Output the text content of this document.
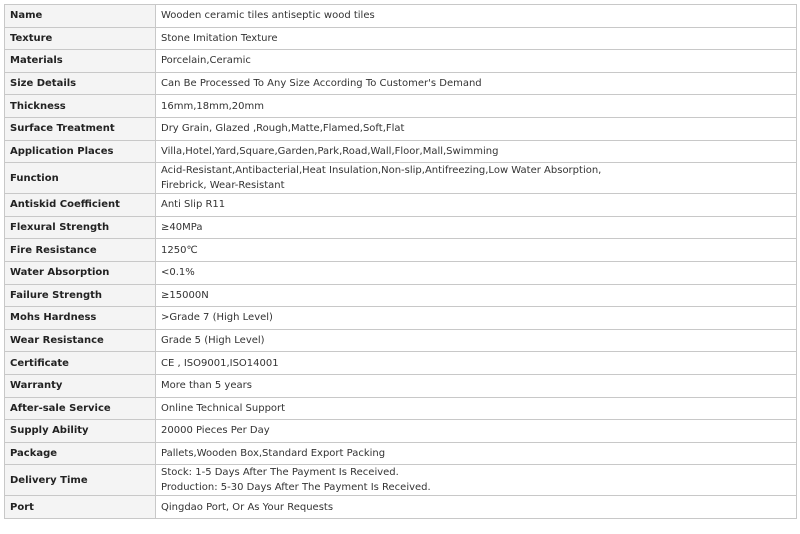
Name	Wooden ceramic tiles antiseptic wood tiles
Texture	Stone Imitation Texture
Materials	Porcelain,Ceramic
Size Details	Can Be Processed To Any Size According To Customer's Demand
Thickness	16mm,18mm,20mm
Surface Treatment	Dry Grain, Glazed ,Rough,Matte,Flamed,Soft,Flat
Application Places	Villa,Hotel,Yard,Square,Garden,Park,Road,Wall,Floor,Mall,Swimming
Function	Acid-Resistant,Antibacterial,Heat Insulation,Non-slip,Antifreezing,Low Water Absorption,
Firebrick, Wear-Resistant

Antiskid Coefficient	Anti Slip R11
Flexural Strength	≥40MPa
Fire Resistance	1250℃
Water Absorption	<0.1%
Failure Strength	≥15000N
Mohs Hardness	>Grade 7 (High Level)
Wear Resistance	Grade 5 (High Level)
Certificate	CE , ISO9001,ISO14001
Warranty	More than 5 years
After-sale Service	Online Technical Support
Supply Ability	20000 Pieces Per Day
Package	Pallets,Wooden Box,Standard Export Packing
Delivery Time	Stock: 1-5 Days After The Payment Is Received.
Production: 5-30 Days After The Payment Is Received.

Port	Qingdao Port, Or As Your Requests
